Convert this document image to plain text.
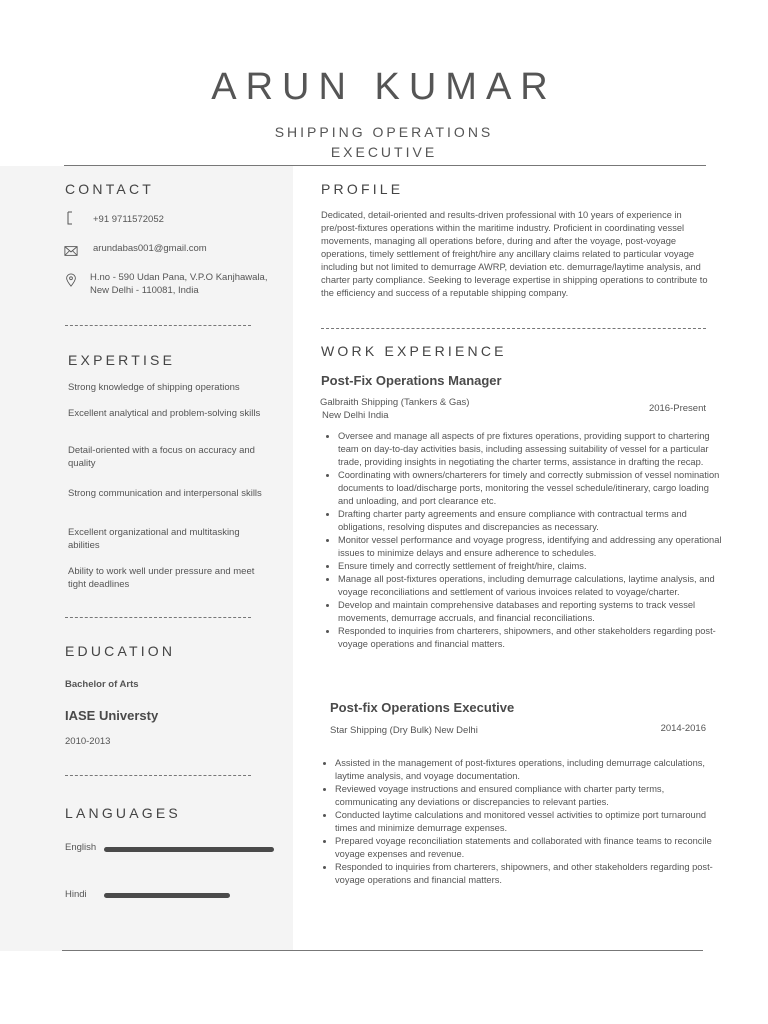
ARUN KUMAR
SHIPPING OPERATIONS
EXECUTIVE
CONTACT
+91 9711572052
arundabas001@gmail.com
H.no - 590 Udan Pana, V.P.O Kanjhawala,
New Delhi - 110081, India
EXPERTISE
Strong knowledge of shipping operations
Excellent analytical and problem-solving skills
Detail-oriented with a focus on accuracy and quality
Strong communication and interpersonal skills
Excellent organizational and multitasking abilities
Ability to work well under pressure and meet tight deadlines
EDUCATION
Bachelor of Arts
IASE Universty
2010-2013
LANGUAGES
English
Hindi
PROFILE
Dedicated, detail-oriented and results-driven professional with 10 years of experience in pre/post-fixtures operations within the maritime industry. Proficient in coordinating vessel movements, managing all operations before, during and after the voyage, post-voyage operations, timely settlement of freight/hire any ancillary claims related to particular voyage including but not limited to demurrage AWRP, deviation etc. demurrage/laytime analysis, and charter party compliance. Seeking to leverage expertise in shipping operations to contribute to the efficiency and success of a reputable shipping company.
WORK EXPERIENCE
Post-Fix Operations Manager
Galbraith Shipping (Tankers & Gas)
New Delhi India
2016-Present
• Oversee and manage all aspects of pre fixtures operations, providing support to chartering team on day-to-day activities basis, including assessing suitability of vessel for a particular trade, providing insights in negotiating the charter terms, assistance in drafting the recap.
• Coordinating with owners/charterers for timely and correctly submission of vessel nomination documents to load/discharge ports, monitoring the vessel schedule/itinerary, cargo loading and unloading, and port clearance etc.
• Drafting charter party agreements and ensure compliance with contractual terms and obligations, resolving disputes and discrepancies as necessary.
• Monitor vessel performance and voyage progress, identifying and addressing any operational issues to minimize delays and ensure adherence to schedules.
• Ensure timely and correctly settlement of freight/hire, claims.
• Manage all post-fixtures operations, including demurrage calculations, laytime analysis, and voyage reconciliations and settlement of various invoices related to voyage/charter.
• Develop and maintain comprehensive databases and reporting systems to track vessel movements, demurrage accruals, and financial reconciliations.
• Responded to inquiries from charterers, shipowners, and other stakeholders regarding post-voyage operations and financial matters.
Post-fix Operations Executive
Star Shipping (Dry Bulk) New Delhi	2014-2016
• Assisted in the management of post-fixtures operations, including demurrage calculations, laytime analysis, and voyage documentation.
• Reviewed voyage instructions and ensured compliance with charter party terms, communicating any deviations or discrepancies to relevant parties.
• Conducted laytime calculations and monitored vessel activities to optimize port turnaround times and minimize demurrage expenses.
• Prepared voyage reconciliation statements and collaborated with finance teams to reconcile voyage expenses and revenue.
• Responded to inquiries from charterers, shipowners, and other stakeholders regarding post-voyage operations and financial matters.
